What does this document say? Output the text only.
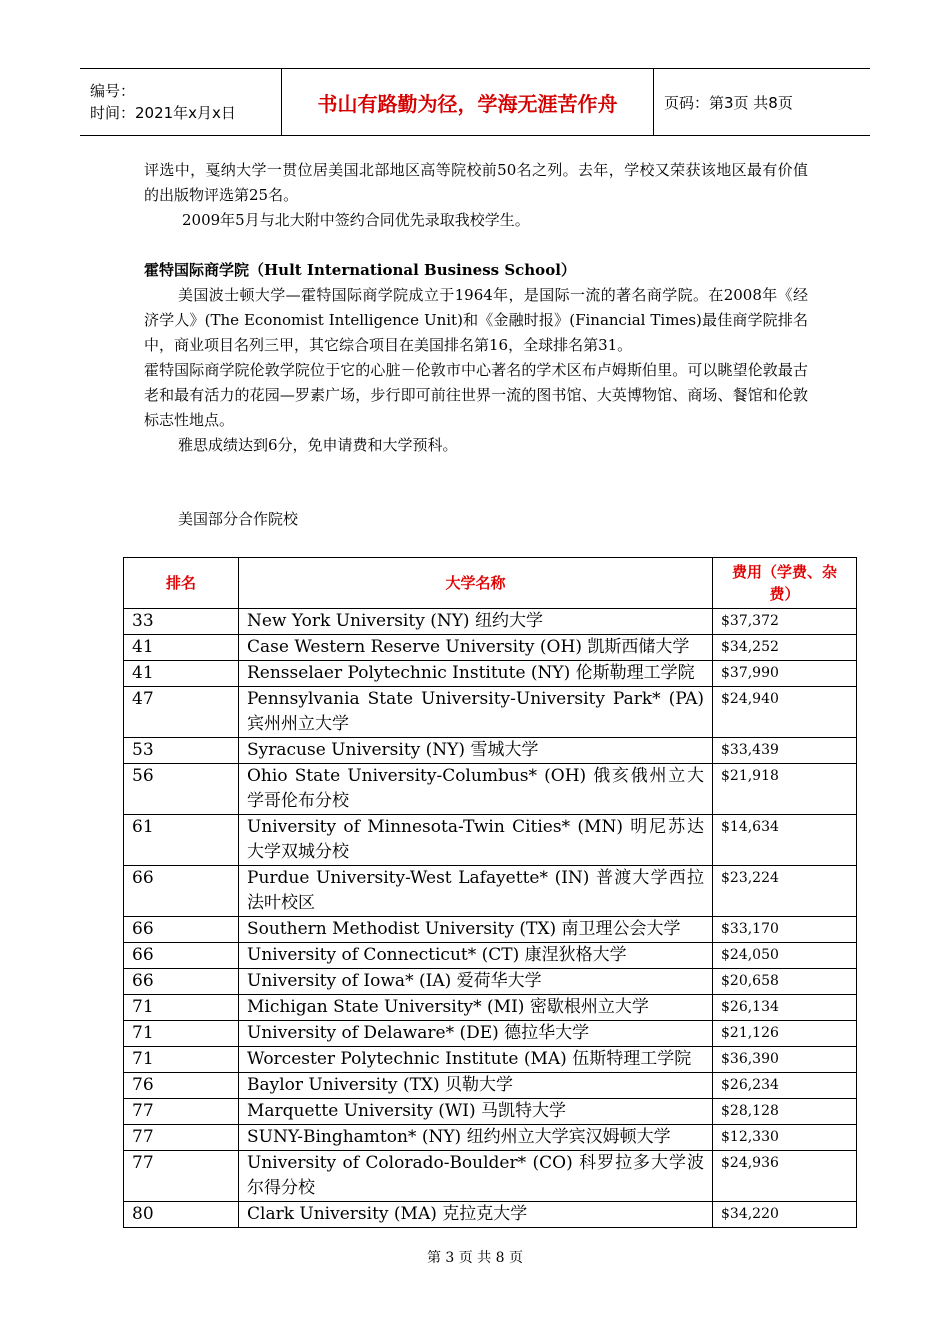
编号：
时间：2021年x月x日	书山有路勤为径，学海无涯苦作舟	页码：第3页 共8页

评选中，戛纳大学一贯位居美国北部地区高等院校前50名之列。去年，学校又荣获该地区最有价值的出版物评选第25名。

2009年5月与北大附中签约合同优先录取我校学生。

霍特国际商学院（Hult International Business School）

美国波士顿大学—霍特国际商学院成立于1964年，是国际一流的著名商学院。在2008年《经济学人》(The Economist Intelligence Unit)和《金融时报》(Financial Times)最佳商学院排名中，商业项目名列三甲，其它综合项目在美国排名第16，全球排名第31。

霍特国际商学院伦敦学院位于它的心脏－伦敦市中心著名的学术区布卢姆斯伯里。可以眺望伦敦最古老和最有活力的花园—罗素广场，步行即可前往世界一流的图书馆、大英博物馆、商场、餐馆和伦敦标志性地点。

雅思成绩达到6分，免申请费和大学预科。

美国部分合作院校
排名	大学名称	费用（学费、杂费）
33	New York University (NY) 纽约大学	$37,372
41	Case Western Reserve University (OH) 凯斯西储大学	$34,252
41	Rensselaer Polytechnic Institute (NY) 伦斯勒理工学院	$37,990
47	Pennsylvania State University-University Park* (PA) 宾州州立大学	$24,940
53	Syracuse University (NY) 雪城大学	$33,439
56	Ohio State University-Columbus* (OH) 俄亥俄州立大学哥伦布分校	$21,918
61	University of Minnesota-Twin Cities* (MN) 明尼苏达大学双城分校	$14,634
66	Purdue University-West Lafayette* (IN) 普渡大学西拉法叶校区	$23,224
66	Southern Methodist University (TX) 南卫理公会大学	$33,170
66	University of Connecticut* (CT) 康涅狄格大学	$24,050
66	University of Iowa* (IA) 爱荷华大学	$20,658
71	Michigan State University* (MI) 密歇根州立大学	$26,134
71	University of Delaware* (DE) 德拉华大学	$21,126
71	Worcester Polytechnic Institute (MA) 伍斯特理工学院	$36,390
76	Baylor University (TX) 贝勒大学	$26,234
77	Marquette University (WI) 马凯特大学	$28,128
77	SUNY-Binghamton* (NY) 纽约州立大学宾汉姆顿大学	$12,330
77	University of Colorado-Boulder* (CO) 科罗拉多大学波尔得分校	$24,936
80	Clark University (MA) 克拉克大学	$34,220
第 3 页 共 8 页
